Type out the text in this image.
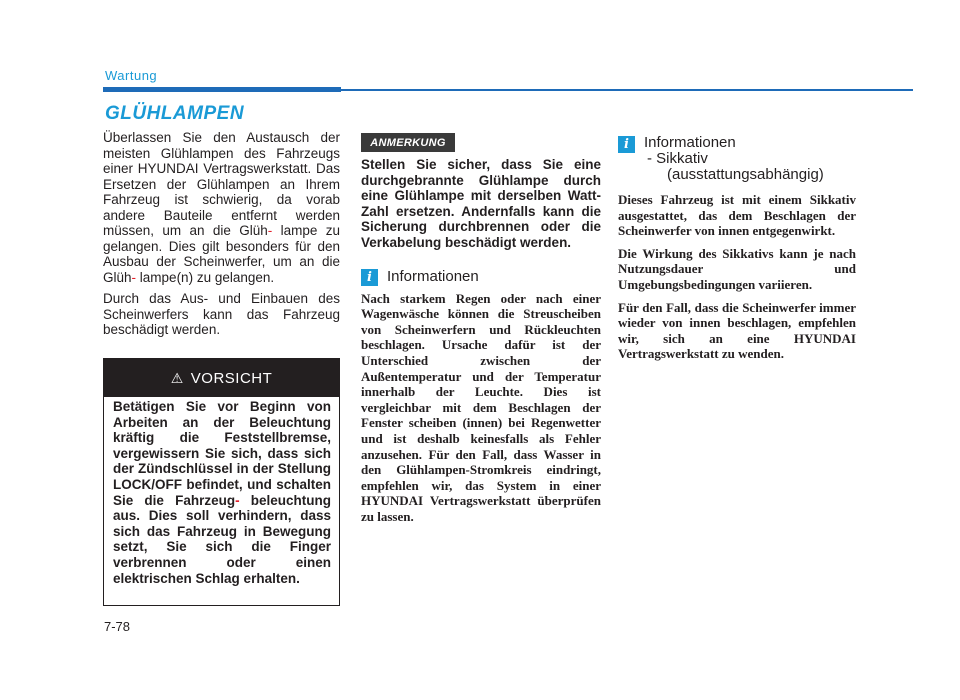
Wartung
GLÜHLAMPEN

Überlassen Sie den Austausch der meisten Glühlampen des Fahrzeugs einer HYUNDAI Vertragswerkstatt. Das Ersetzen der Glühlampen an Ihrem Fahrzeug ist schwierig, da vorab andere Bauteile entfernt werden müssen, um an die Glüh- lampe zu gelangen. Dies gilt besonders für den Ausbau der Scheinwerfer, um an die Glüh- lampe(n) zu gelangen.

Durch das Aus- und Einbauen des Scheinwerfers kann das Fahrzeug beschädigt werden.

⚠ VORSICHT
Betätigen Sie vor Beginn von Arbeiten an der Beleuchtung kräftig die Feststellbremse, vergewissern Sie sich, dass sich der Zündschlüssel in der Stellung LOCK/OFF befindet, und schalten Sie die Fahrzeug- beleuchtung aus. Dies soll verhindern, dass sich das Fahrzeug in Bewegung setzt, Sie sich die Finger verbrennen oder einen elektrischen Schlag erhalten.
ANMERKUNG

Stellen Sie sicher, dass Sie eine durchgebrannte Glühlampe durch eine Glühlampe mit derselben Watt- Zahl ersetzen. Andernfalls kann die Sicherung durchbrennen oder die Verkabelung beschädigt werden.

i	Informationen

Nach starkem Regen oder nach einer Wagenwäsche können die Streuscheiben von Scheinwerfern und Rückleuchten beschlagen. Ursache dafür ist der Unterschied zwischen der Außentemperatur und der Temperatur innerhalb der Leuchte. Dies ist vergleichbar mit dem Beschlagen der Fenster scheiben (innen) bei Regenwetter und ist deshalb keinesfalls als Fehler anzusehen. Für den Fall, dass Wasser in den Glühlampen-Stromkreis eindringt, empfehlen wir, das System in einer HYUNDAI Vertragswerkstatt überprüfen zu lassen.

i	Informationen
- Sikkativ
(ausstattungsabhängig)

Dieses Fahrzeug ist mit einem Sikkativ ausgestattet, das dem Beschlagen der Scheinwerfer von innen entgegenwirkt.

Die Wirkung des Sikkativs kann je nach Nutzungsdauer und Umgebungsbedingungen variieren.

Für den Fall, dass die Scheinwerfer immer wieder von innen beschlagen, empfehlen wir, sich an eine HYUNDAI Vertragswerkstatt zu wenden.

7-78
